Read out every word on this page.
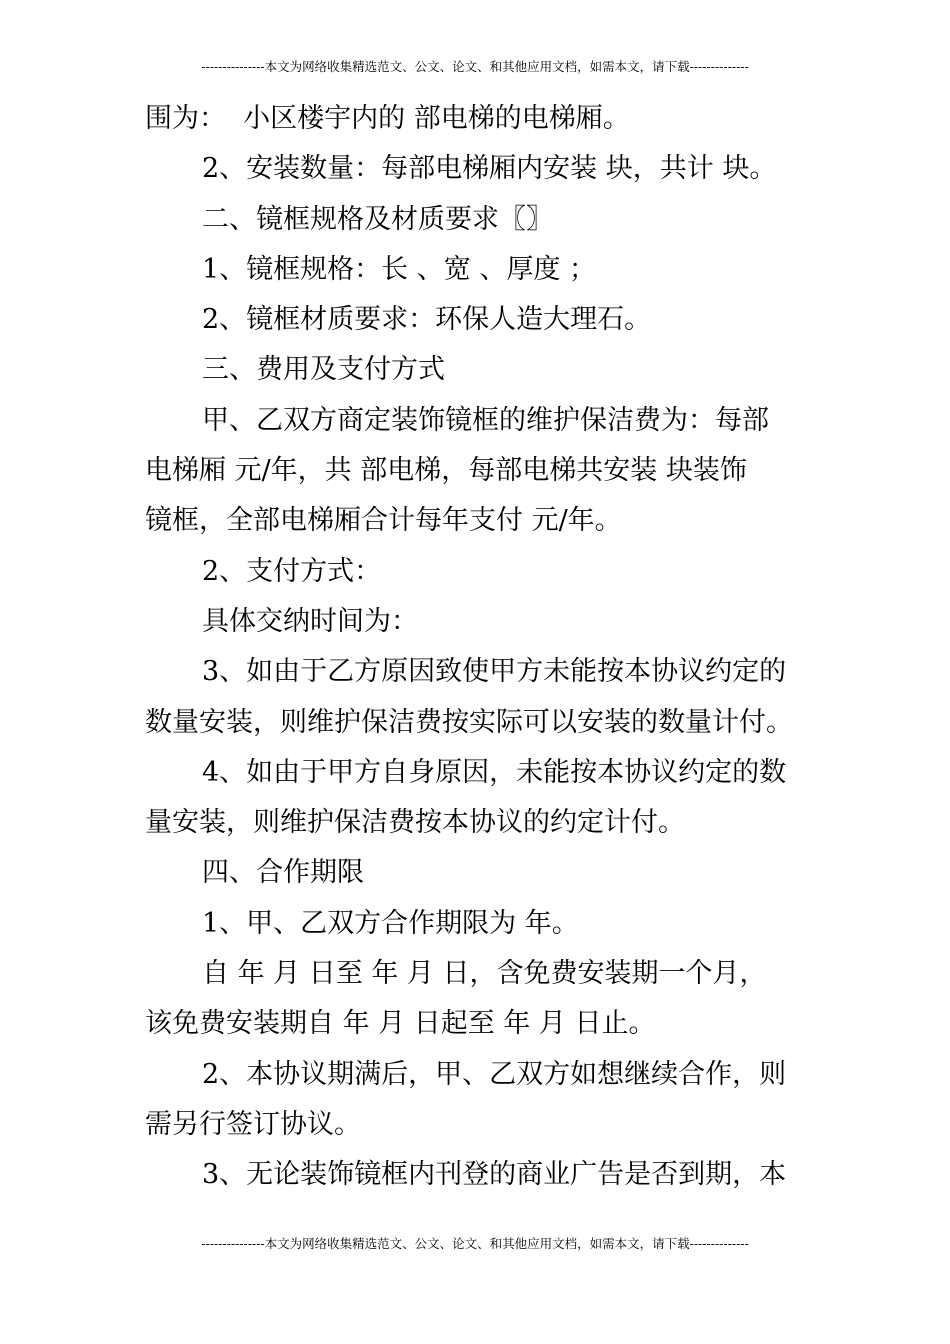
---------------本文为网络收集精选范文、公文、论文、和其他应用文档，如需本文，请下载--------------
围为：  小区楼宇内的 部电梯的电梯厢。
2、安装数量：每部电梯厢内安装 块，共计 块。
二、镜框规格及材质要求〖〗
1、镜框规格：长 、宽 、厚度 ；
2、镜框材质要求：环保人造大理石。
三、费用及支付方式
甲、乙双方商定装饰镜框的维护保洁费为：每部
电梯厢 元/年，共 部电梯，每部电梯共安装 块装饰
镜框，全部电梯厢合计每年支付 元/年。
2、支付方式：
具体交纳时间为：
3、如由于乙方原因致使甲方未能按本协议约定的
数量安装，则维护保洁费按实际可以安装的数量计付。
4、如由于甲方自身原因，未能按本协议约定的数
量安装，则维护保洁费按本协议的约定计付。
四、合作期限
1、甲、乙双方合作期限为 年。
自 年 月 日至 年 月 日，含免费安装期一个月，
该免费安装期自 年 月 日起至 年 月 日止。
2、本协议期满后，甲、乙双方如想继续合作，则
需另行签订协议。
3、无论装饰镜框内刊登的商业广告是否到期，本
---------------本文为网络收集精选范文、公文、论文、和其他应用文档，如需本文，请下载--------------
